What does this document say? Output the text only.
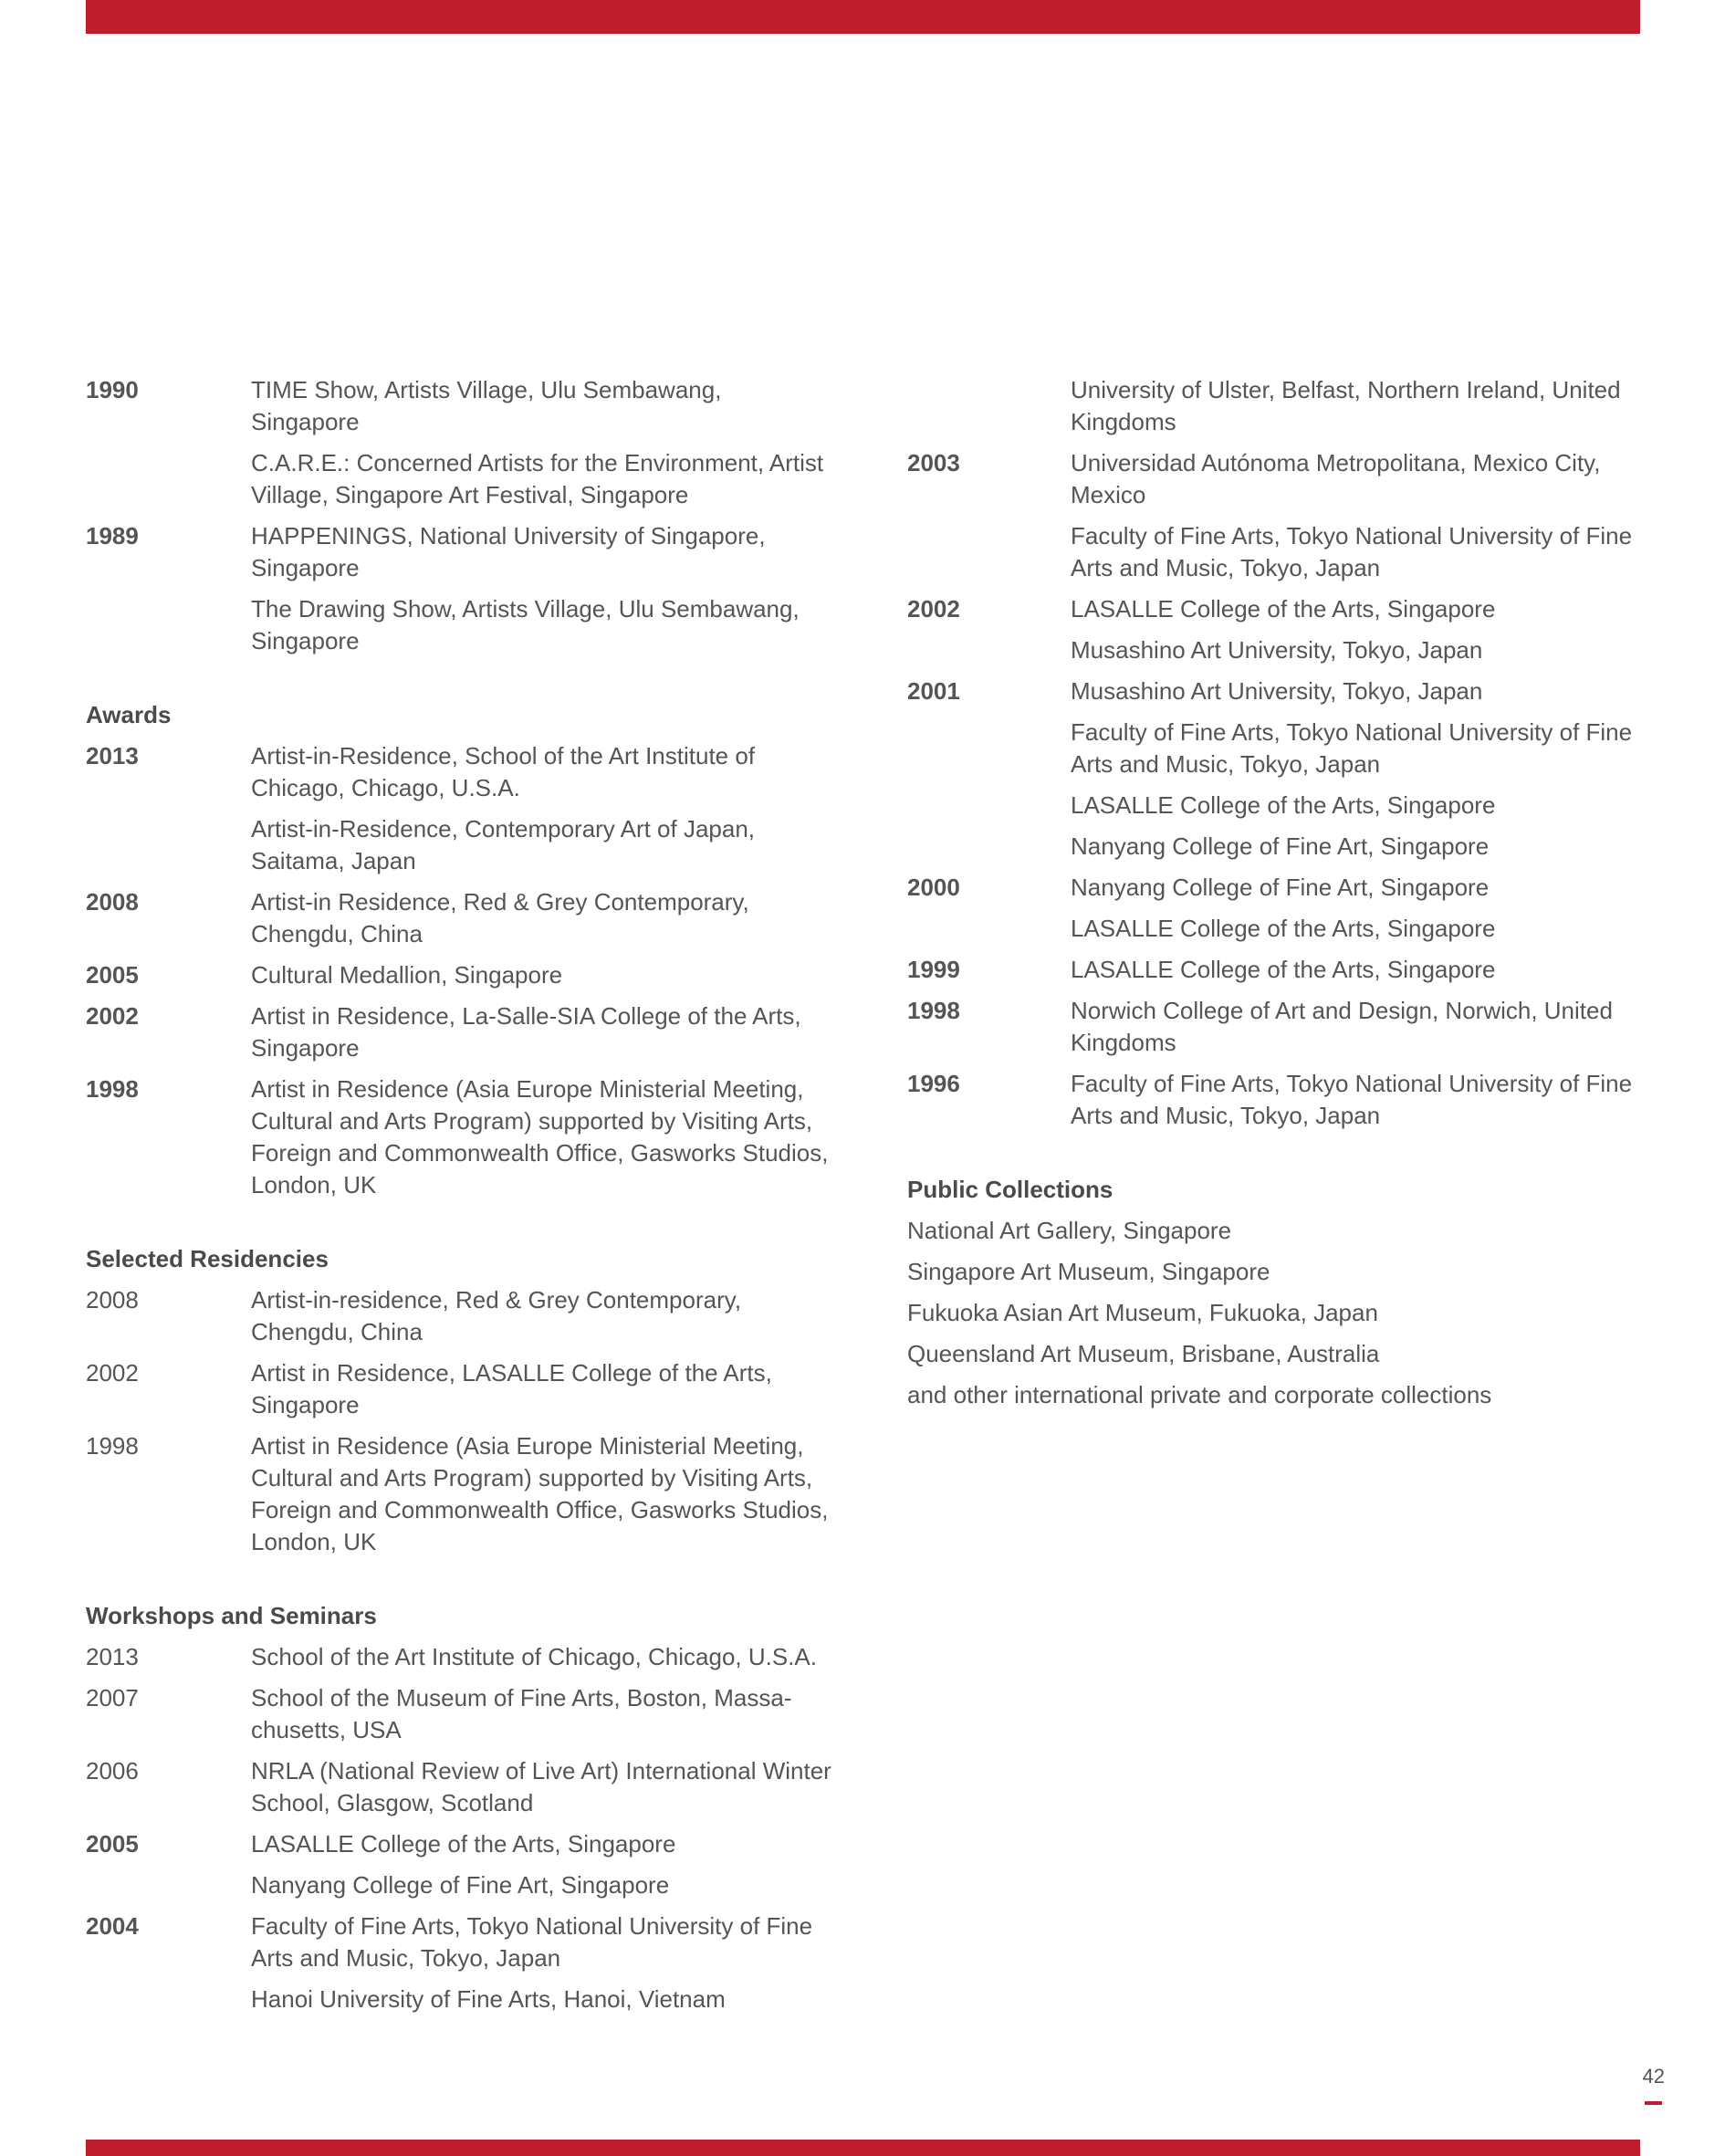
1990	TIME Show, Artists Village, Ulu Sembawang, Singapore
C.A.R.E.: Concerned Artists for the Environment, Artist Village, Singapore Art Festival, Singapore
1989	HAPPENINGS, National University of Singapore, Singapore
The Drawing Show, Artists Village, Ulu Sembawang, Singapore
Awards
2013	Artist-in-Residence, School of the Art Institute of Chicago, Chicago, U.S.A.
Artist-in-Residence, Contemporary Art of Japan, Saitama, Japan
2008	Artist-in Residence, Red & Grey Contemporary, Chengdu, China
2005	Cultural Medallion, Singapore
2002	Artist in Residence, La-Salle-SIA College of the Arts, Singapore
1998	Artist in Residence (Asia Europe Ministerial Meeting, Cultural and Arts Program) supported by Visiting Arts, Foreign and Commonwealth Office, Gasworks Studios, London, UK
Selected Residencies
2008	Artist-in-residence, Red & Grey Contemporary, Chengdu, China
2002	Artist in Residence, LASALLE College of the Arts, Singapore
1998	Artist in Residence (Asia Europe Ministerial Meeting, Cultural and Arts Program) supported by Visiting Arts, Foreign and Commonwealth Office, Gasworks Studios, London, UK
Workshops and Seminars
2013	School of the Art Institute of Chicago, Chicago, U.S.A.
2007	School of the Museum of Fine Arts, Boston, Massa-chusetts, USA
2006	NRLA (National Review of Live Art) International Winter School, Glasgow, Scotland
2005	LASALLE College of the Arts, Singapore
Nanyang College of Fine Art, Singapore
2004	Faculty of Fine Arts, Tokyo National University of Fine Arts and Music, Tokyo, Japan
Hanoi University of Fine Arts, Hanoi, Vietnam
University of Ulster, Belfast, Northern Ireland, United Kingdoms
2003	Universidad Autónoma Metropolitana, Mexico City, Mexico
Faculty of Fine Arts, Tokyo National University of Fine Arts and Music, Tokyo, Japan
2002	LASALLE College of the Arts, Singapore
Musashino Art University, Tokyo, Japan
2001	Musashino Art University, Tokyo, Japan
Faculty of Fine Arts, Tokyo National University of Fine Arts and Music, Tokyo, Japan
LASALLE College of the Arts, Singapore
Nanyang College of Fine Art, Singapore
2000	Nanyang College of Fine Art, Singapore
LASALLE College of the Arts, Singapore
1999	LASALLE College of the Arts, Singapore
1998	Norwich College of Art and Design, Norwich, United Kingdoms
1996	Faculty of Fine Arts, Tokyo National University of Fine Arts and Music, Tokyo, Japan
Public Collections
National Art Gallery, Singapore
Singapore Art Museum, Singapore
Fukuoka Asian Art Museum, Fukuoka, Japan
Queensland Art Museum, Brisbane, Australia
and other international private and corporate collections
42
